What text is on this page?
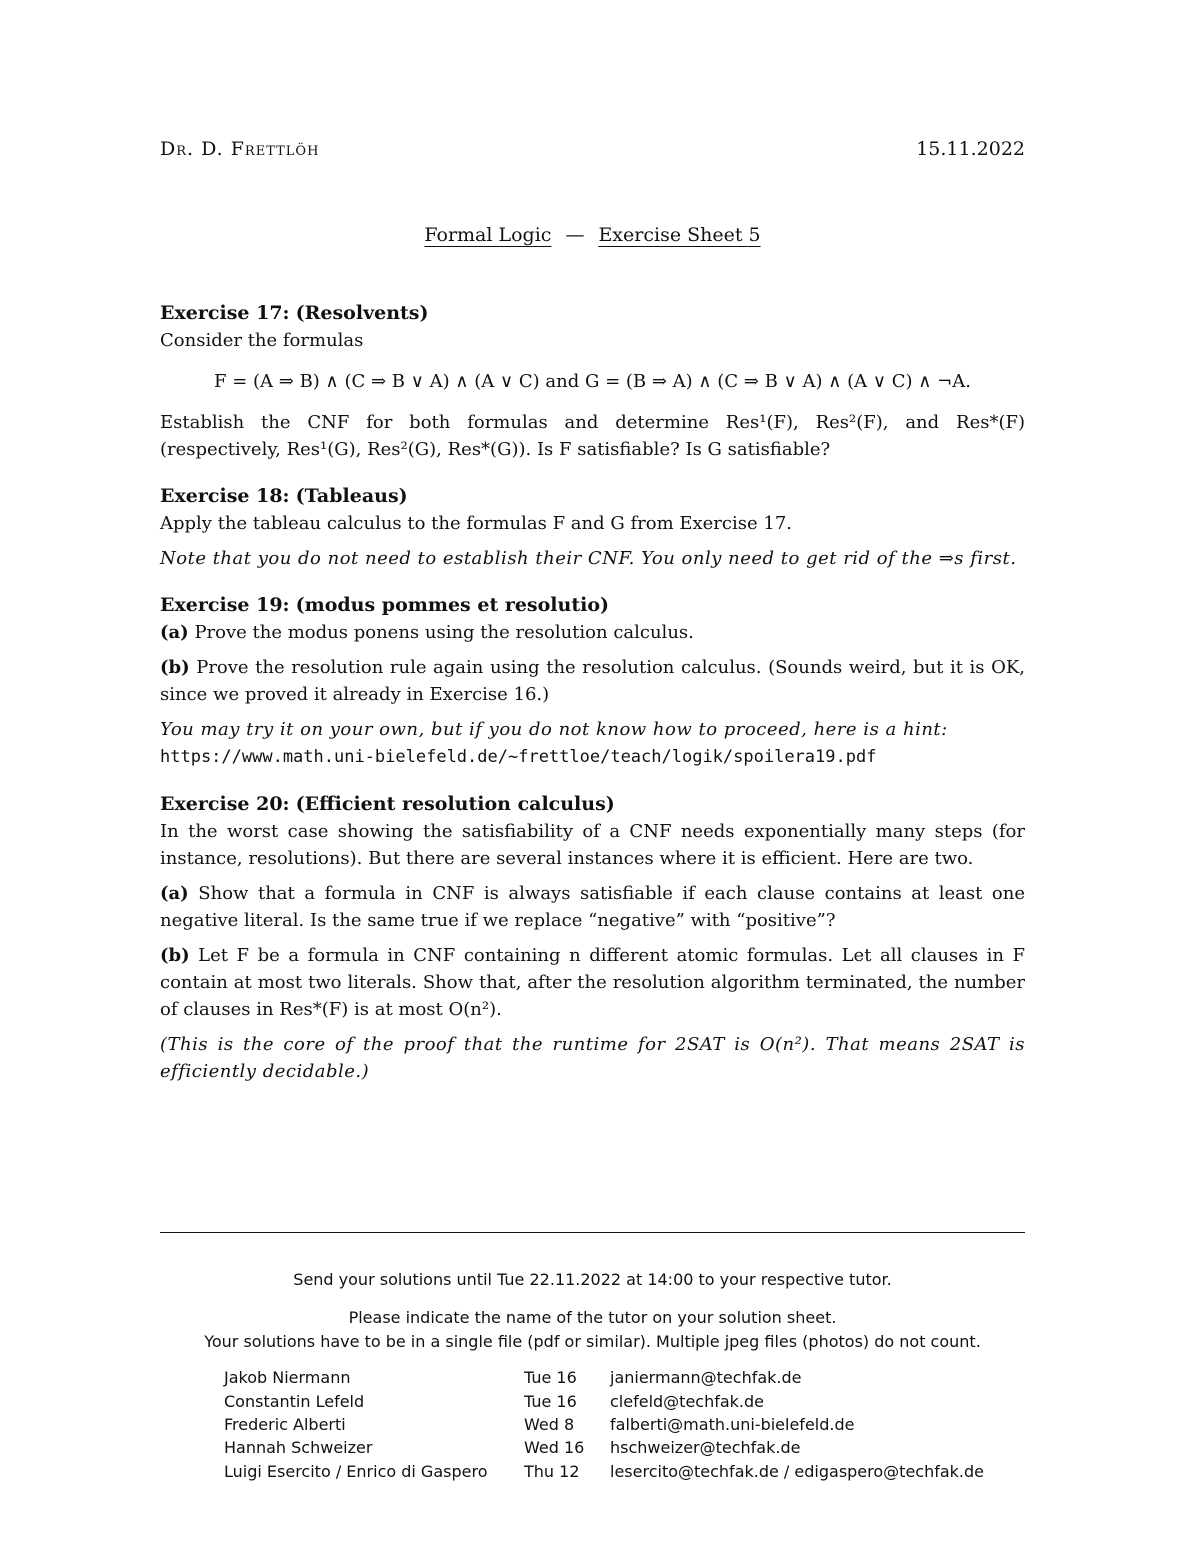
Dr. D. Frettlöh	15.11.2022
Formal Logic — Exercise Sheet 5
Exercise 17: (Resolvents)

Consider the formulas

F = (A ⇒ B) ∧ (C ⇒ B ∨ A) ∧ (A ∨ C) and G = (B ⇒ A) ∧ (C ⇒ B ∨ A) ∧ (A ∨ C) ∧ ¬A.

Establish the CNF for both formulas and determine Res¹(F), Res²(F), and Res*(F) (respectively, Res¹(G), Res²(G), Res*(G)). Is F satisfiable? Is G satisfiable?

Exercise 18: (Tableaus)

Apply the tableau calculus to the formulas F and G from Exercise 17.

Note that you do not need to establish their CNF. You only need to get rid of the ⇒s first.

Exercise 19: (modus pommes et resolutio)

(a) Prove the modus ponens using the resolution calculus.

(b) Prove the resolution rule again using the resolution calculus. (Sounds weird, but it is OK, since we proved it already in Exercise 16.)

You may try it on your own, but if you do not know how to proceed, here is a hint:
https://www.math.uni-bielefeld.de/~frettloe/teach/logik/spoilera19.pdf

Exercise 20: (Efficient resolution calculus)

In the worst case showing the satisfiability of a CNF needs exponentially many steps (for instance, resolutions). But there are several instances where it is efficient. Here are two.

(a) Show that a formula in CNF is always satisfiable if each clause contains at least one negative literal. Is the same true if we replace “negative” with “positive”?

(b) Let F be a formula in CNF containing n different atomic formulas. Let all clauses in F contain at most two literals. Show that, after the resolution algorithm terminated, the number of clauses in Res*(F) is at most O(n²).

(This is the core of the proof that the runtime for 2SAT is O(n²). That means 2SAT is efficiently decidable.)

Send your solutions until Tue 22.11.2022 at 14:00 to your respective tutor.
Please indicate the name of the tutor on your solution sheet.
Your solutions have to be in a single file (pdf or similar). Multiple jpeg files (photos) do not count.
Jakob Niermann	Tue 16	janiermann@techfak.de
Constantin Lefeld	Tue 16	clefeld@techfak.de
Frederic Alberti	Wed 8	falberti@math.uni-bielefeld.de
Hannah Schweizer	Wed 16	hschweizer@techfak.de
Luigi Esercito / Enrico di Gaspero	Thu 12	lesercito@techfak.de / edigaspero@techfak.de
